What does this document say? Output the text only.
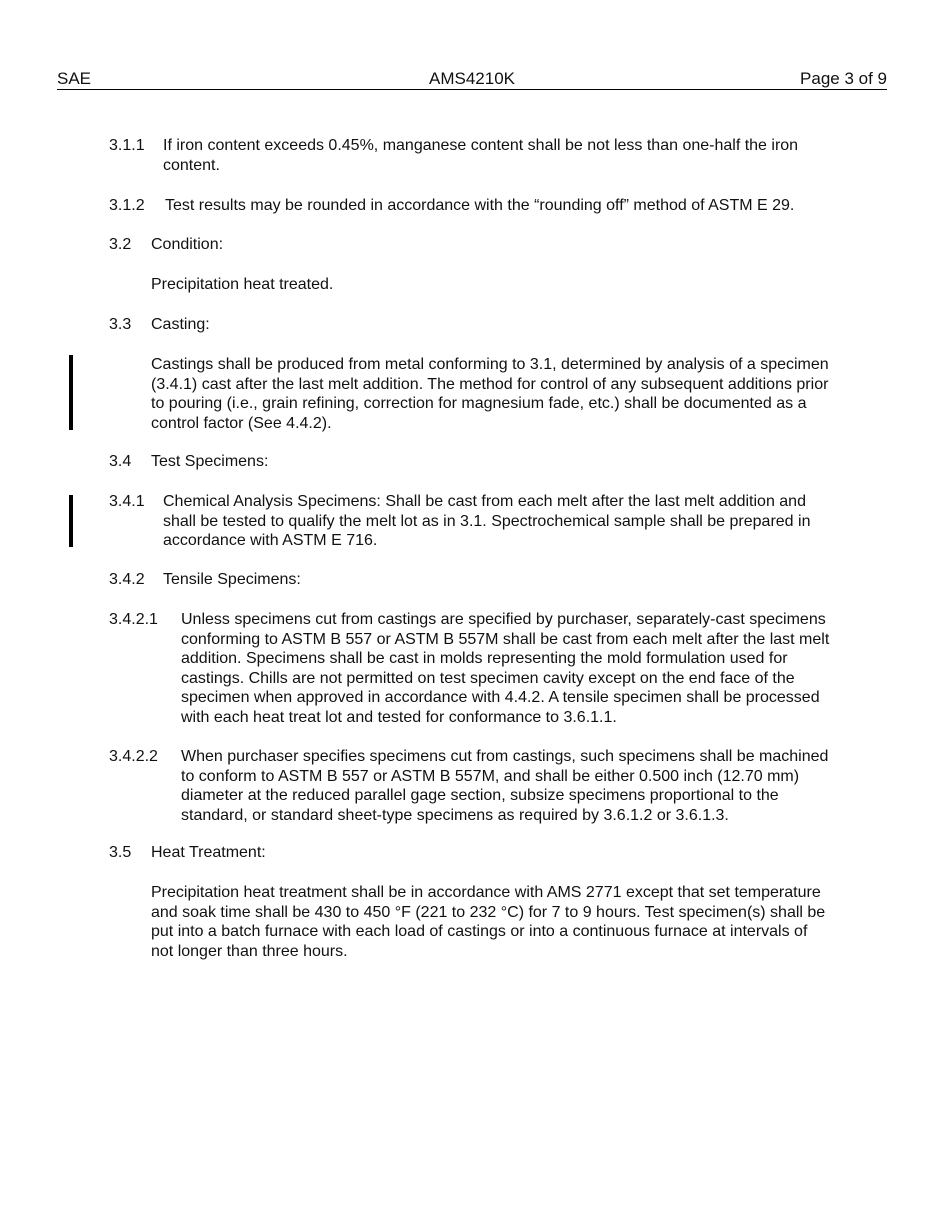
SAE	AMS4210K	Page 3 of 9
3.1.1 If iron content exceeds 0.45%, manganese content shall be not less than one-half the iron
content.
3.1.2 Test results may be rounded in accordance with the “rounding off” method of ASTM E 29.
3.2 Condition:
Precipitation heat treated.
3.3 Casting:
Castings shall be produced from metal conforming to 3.1, determined by analysis of a specimen
(3.4.1) cast after the last melt addition. The method for control of any subsequent additions prior
to pouring (i.e., grain refining, correction for magnesium fade, etc.) shall be documented as a
control factor (See 4.4.2).
3.4 Test Specimens:
3.4.1 Chemical Analysis Specimens: Shall be cast from each melt after the last melt addition and
shall be tested to qualify the melt lot as in 3.1. Spectrochemical sample shall be prepared in
accordance with ASTM E 716.
3.4.2 Tensile Specimens:
3.4.2.1 Unless specimens cut from castings are specified by purchaser, separately-cast specimens
conforming to ASTM B 557 or ASTM B 557M shall be cast from each melt after the last melt
addition. Specimens shall be cast in molds representing the mold formulation used for
castings. Chills are not permitted on test specimen cavity except on the end face of the
specimen when approved in accordance with 4.4.2. A tensile specimen shall be processed
with each heat treat lot and tested for conformance to 3.6.1.1.
3.4.2.2 When purchaser specifies specimens cut from castings, such specimens shall be machined
to conform to ASTM B 557 or ASTM B 557M, and shall be either 0.500 inch (12.70 mm)
diameter at the reduced parallel gage section, subsize specimens proportional to the
standard, or standard sheet-type specimens as required by 3.6.1.2 or 3.6.1.3.
3.5 Heat Treatment:
Precipitation heat treatment shall be in accordance with AMS 2771 except that set temperature
and soak time shall be 430 to 450 °F (221 to 232 °C) for 7 to 9 hours. Test specimen(s) shall be
put into a batch furnace with each load of castings or into a continuous furnace at intervals of
not longer than three hours.
